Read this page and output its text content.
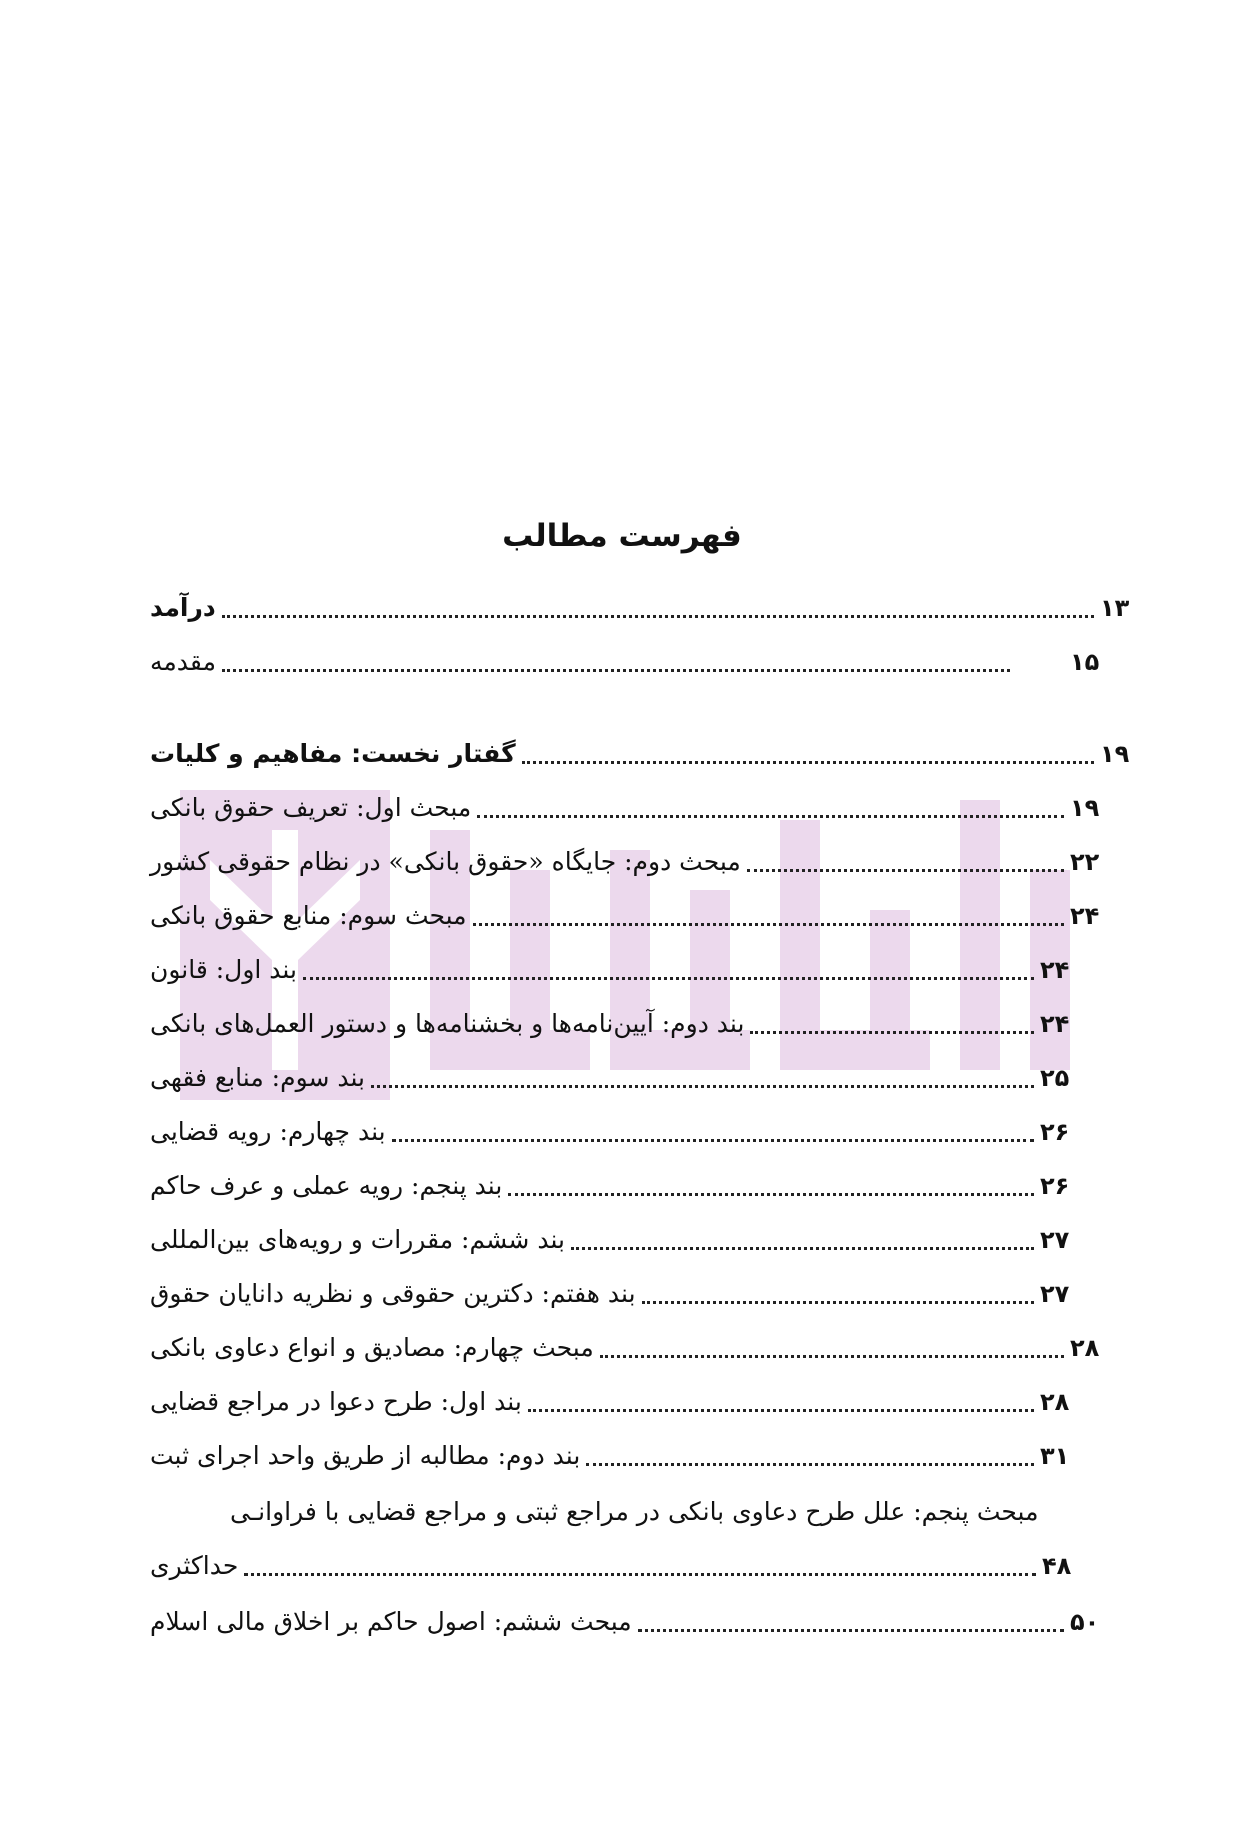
فهرست مطالب
درآمد	۱۳
مقدمه	۱۵
گفتار نخست: مفاهیم و کلیات	۱۹
مبحث اول: تعریف حقوق بانکی	۱۹
مبحث دوم: جایگاه «حقوق بانکی» در نظام حقوقی کشور	۲۲
مبحث سوم: منابع حقوق بانکی	۲۴
بند اول: قانون	۲۴
بند دوم: آیین‌نامه‌ها و بخشنامه‌ها و دستور العمل‌های بانکی	۲۴
بند سوم: منابع فقهی	۲۵
بند چهارم: رویه قضایی	۲۶
بند پنجم: رویه عملی و عرف حاکم	۲۶
بند ششم: مقررات و رویه‌های بین‌المللی	۲۷
بند هفتم: دکترین حقوقی و نظریه دانایان حقوق	۲۷
مبحث چهارم: مصادیق و انواع دعاوی بانکی	۲۸
بند اول: طرح دعوا در مراجع قضایی	۲۸
بند دوم: مطالبه از طریق واحد اجرای ثبت	۳۱
مبحث پنجم: علل طرح دعاوی بانکی در مراجع ثبتی و مراجع قضایی با فراوانـی
حداکثری	۴۸
مبحث ششم: اصول حاکم بر اخلاق مالی اسلام	۵۰
